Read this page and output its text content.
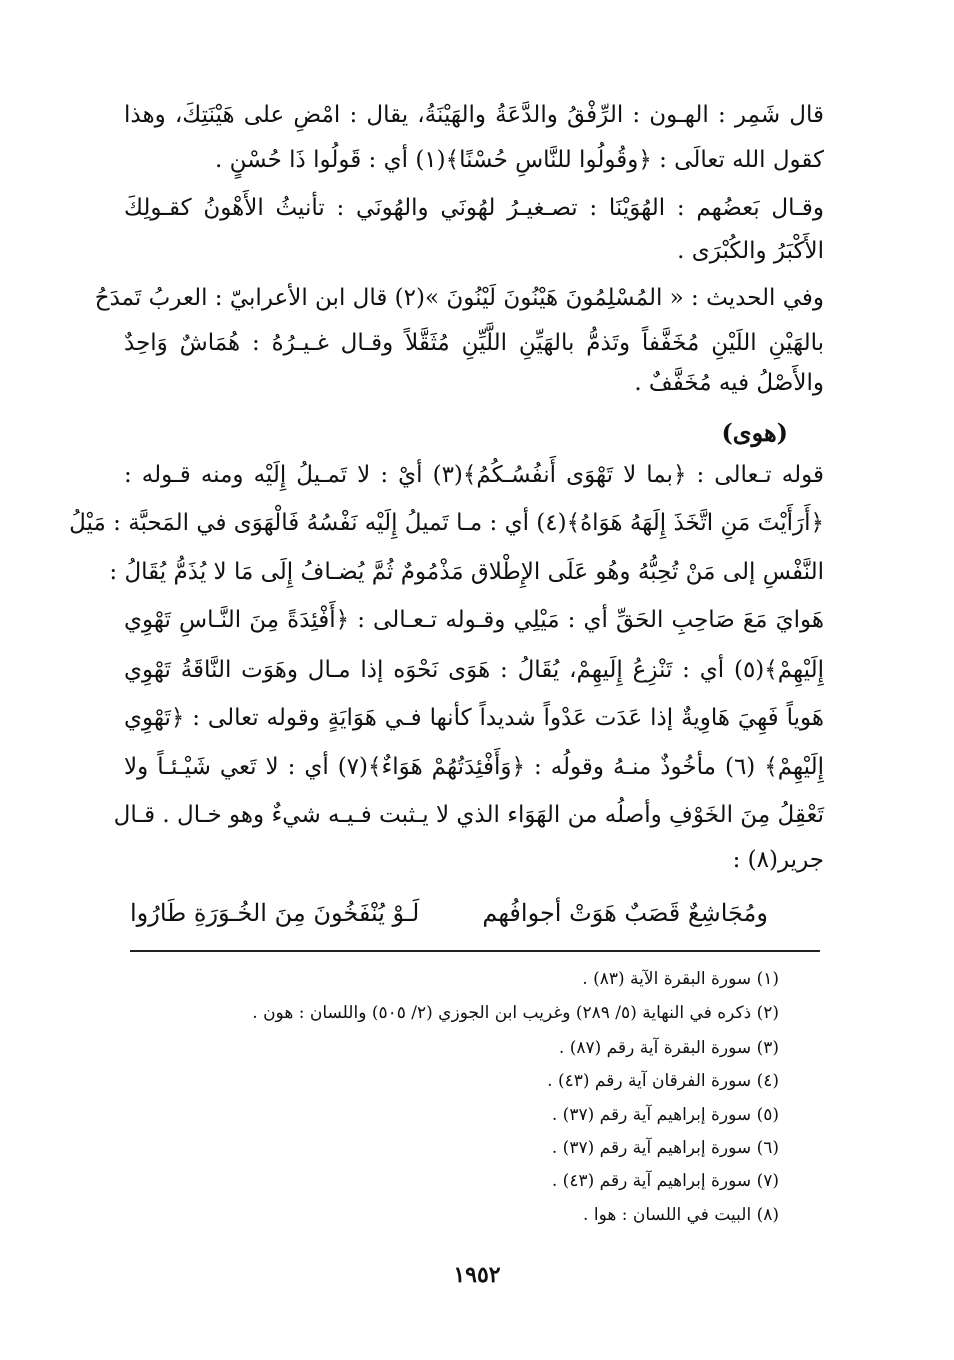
قال شَمِر : الهـون : الرِّفْقُ والدَّعَةُ والهَيْنَةُ، يقال : امْضِ على هَيْنَتِكَ، وهذا
كقول الله تعالَى : ﴿وقُولُوا للنَّاسِ حُسْنًا﴾(١) أي : قَولُوا ذَا حُسْنٍ .
وقـال بَعضُهم : الهُوَيْنَا : تصـغيـرُ لهُونَي والهُونَي : تأنيثُ الأَهْونُ كقـولِكَ
الأَكْبَرُ والكُبْرَى .
وفي الحديث : « المُسْلِمُونَ هَيْنُونَ لَيْنُونَ »(٢) قال ابن الأعرابيّ : العربُ تَمدَحُ
بالهَيْنِ اللَيْنِ مُخَفَّفاً وتَذمُّ بالهَيِّنِ اللَّيِّنِ مُثَقَّلاً وقـال غـيـرُهُ : هُمَاشٌ وَاحِدٌ
والأَصْلُ فيه مُخَفَّفٌ .
(هوى)
قوله تـعالى : ﴿بما لا تَهْوَى أَنفُسُـكُمُ﴾(٣) أيْ : لا تَمـيلُ إِلَيْه ومنه قـوله :
﴿أَرَأَيْتَ مَنِ اتَّخَذَ إِلَهَهُ هَوَاهُ﴾(٤) أي : مـا تَميلُ إِلَيْه نَفْسُهُ فَالْهَوَى في المَحبَّة : مَيْلُ
النَّفْسِ إلى مَنْ تُحِبُّهُ وهُو عَلَى الإِطْلاق مَذْمُومٌ ثُمَّ يُضـافُ إِلَى مَا لا يُذَمُّ يُقَالُ :
هَوايَ مَعَ صَاحِبِ الحَقِّ أي : مَيْلِي وقـوله تـعـالى : ﴿أَفْئِدَةً مِنَ النَّـاسِ تَهْوِي
إِلَيْهِمْ﴾(٥) أي : تَنْزِعُ إِلَيهِمْ، يُقَالُ : هَوَى نَحْوَه إذا مـال وهَوَت النَّاقَةُ تَهْوِي
هَوياً فَهِيَ هَاوِيةٌ إذا عَدَت عَدْواً شديداً كأنها فـي هَوَايَةٍ وقوله تعالى : ﴿تَهْوِي
إِلَيْهِمْ﴾ (٦) مأخُوذٌ منـهُ وقولُه : ﴿وَأَفْئِدَتُهُمْ هَوَاءٌ﴾(٧) أي : لا تَعي شَيْـئـاً ولا
تَعْقِلُ مِنَ الخَوْفِ وأصلُه من الهَوَاء الذي لا يـثبت فـيـه شيءٌ وهو خـال . قـال
جرير(٨) :
ومُجَاشِعٌ قَصَبٌ هَوَتْ أجوافُهم
لَـوْ يُنْفَخُونَ مِنَ الخُـوَرَةِ طَارُوا
(١) سورة البقرة الآية (٨٣) .
(٢) ذكره في النهاية (٥/ ٢٨٩) وغريب ابن الجوزي (٢/ ٥٠٥) واللسان : هون .
(٣) سورة البقرة آية رقم (٨٧) .
(٤) سورة الفرقان آية رقم (٤٣) .
(٥) سورة إبراهيم آية رقم (٣٧) .
(٦) سورة إبراهيم آية رقم (٣٧) .
(٧) سورة إبراهيم آية رقم (٤٣) .
(٨) البيت في اللسان : هوا .
١٩٥٢
